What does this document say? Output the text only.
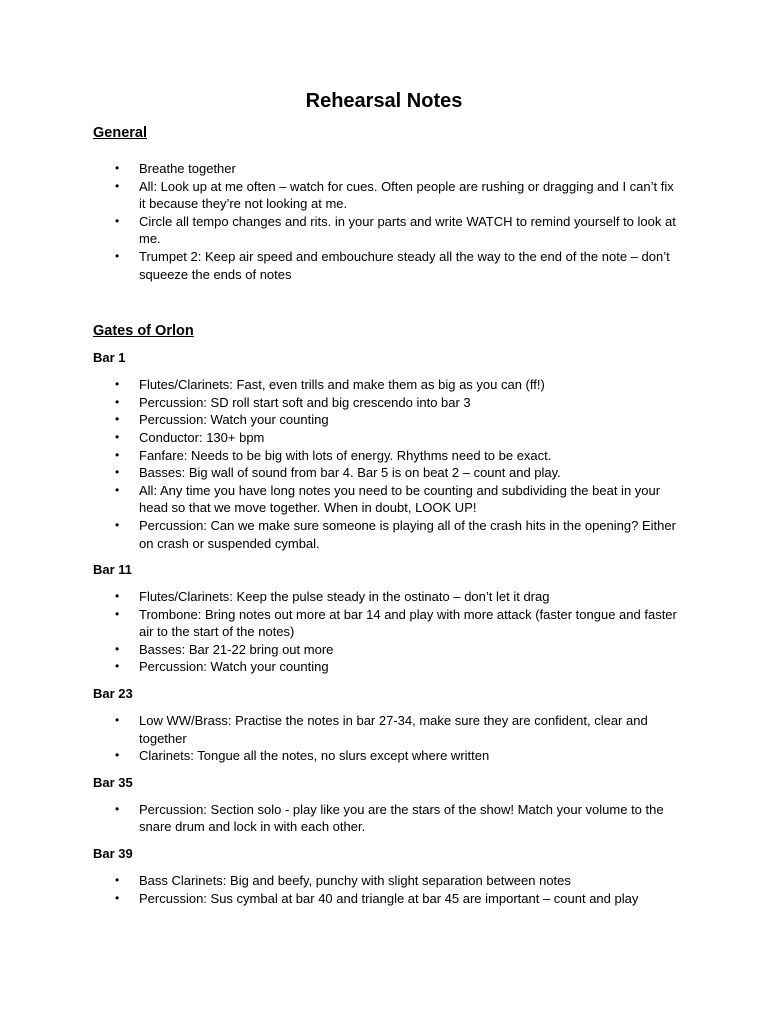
Rehearsal Notes
General
• Breathe together
• All: Look up at me often – watch for cues. Often people are rushing or dragging and I can’t fix it because they’re not looking at me.
• Circle all tempo changes and rits. in your parts and write WATCH to remind yourself to look at me.
• Trumpet 2: Keep air speed and embouchure steady all the way to the end of the note – don’t squeeze the ends of notes
Gates of Orlon
Bar 1
• Flutes/Clarinets: Fast, even trills and make them as big as you can (ff!)
• Percussion: SD roll start soft and big crescendo into bar 3
• Percussion: Watch your counting
• Conductor: 130+ bpm
• Fanfare: Needs to be big with lots of energy. Rhythms need to be exact.
• Basses: Big wall of sound from bar 4. Bar 5 is on beat 2 – count and play.
• All: Any time you have long notes you need to be counting and subdividing the beat in your head so that we move together. When in doubt, LOOK UP!
• Percussion: Can we make sure someone is playing all of the crash hits in the opening? Either on crash or suspended cymbal.
Bar 11
• Flutes/Clarinets: Keep the pulse steady in the ostinato – don’t let it drag
• Trombone: Bring notes out more at bar 14 and play with more attack (faster tongue and faster air to the start of the notes)
• Basses: Bar 21-22 bring out more
• Percussion: Watch your counting
Bar 23
• Low WW/Brass: Practise the notes in bar 27-34, make sure they are confident, clear and together
• Clarinets: Tongue all the notes, no slurs except where written
Bar 35
• Percussion: Section solo - play like you are the stars of the show! Match your volume to the snare drum and lock in with each other.
Bar 39
• Bass Clarinets: Big and beefy, punchy with slight separation between notes
• Percussion: Sus cymbal at bar 40 and triangle at bar 45 are important – count and play
